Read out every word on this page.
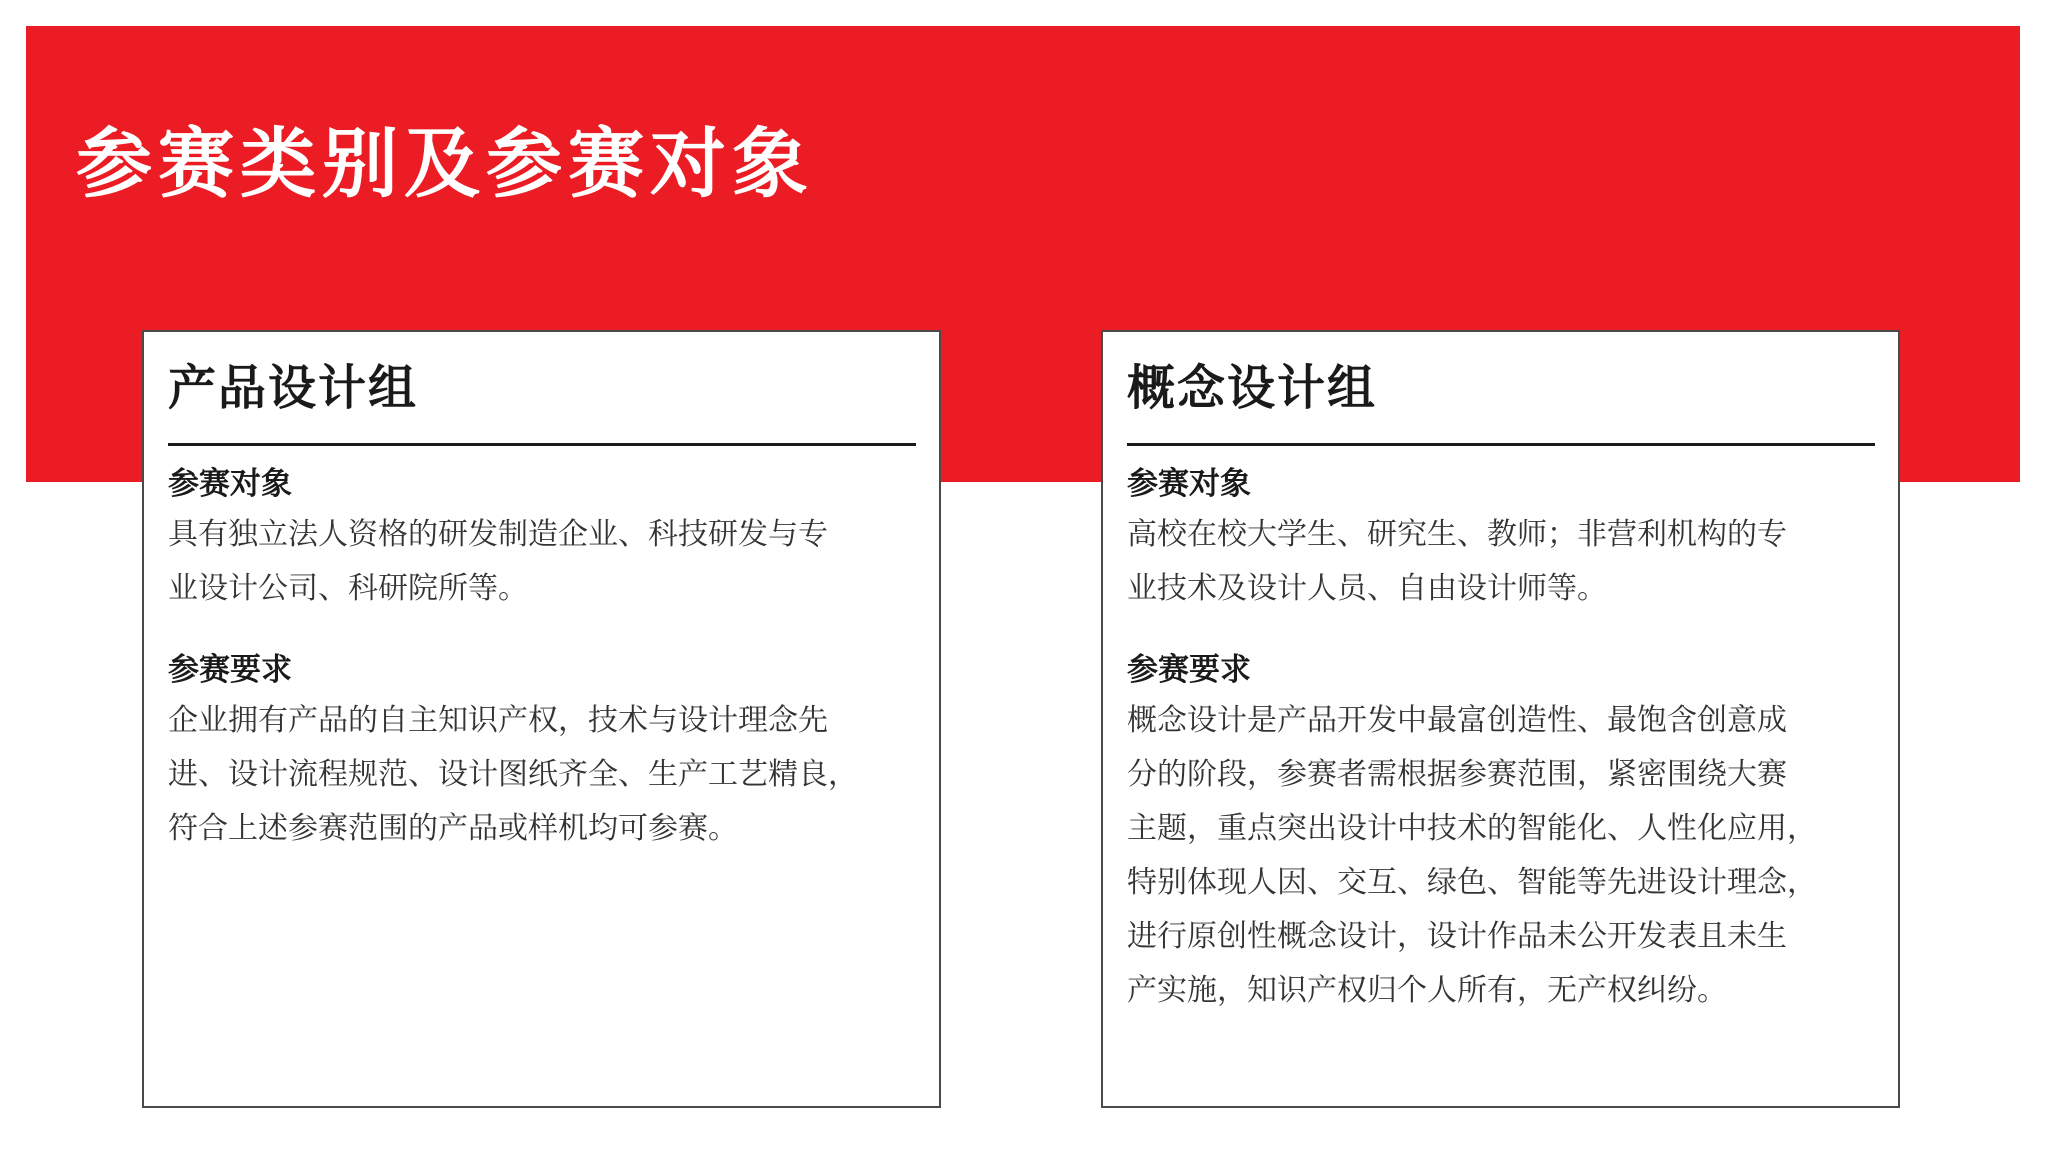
参赛类别及参赛对象
产品设计组

参赛对象

具有独立法人资格的研发制造企业、科技研发与专
业设计公司、科研院所等。

参赛要求

企业拥有产品的自主知识产权，技术与设计理念先
进、设计流程规范、设计图纸齐全、生产工艺精良，
符合上述参赛范围的产品或样机均可参赛。

概念设计组

参赛对象

高校在校大学生、研究生、教师；非营利机构的专
业技术及设计人员、自由设计师等。

参赛要求

概念设计是产品开发中最富创造性、最饱含创意成
分的阶段，参赛者需根据参赛范围，紧密围绕大赛
主题，重点突出设计中技术的智能化、人性化应用，
特别体现人因、交互、绿色、智能等先进设计理念，
进行原创性概念设计，设计作品未公开发表且未生
产实施，知识产权归个人所有，无产权纠纷。
